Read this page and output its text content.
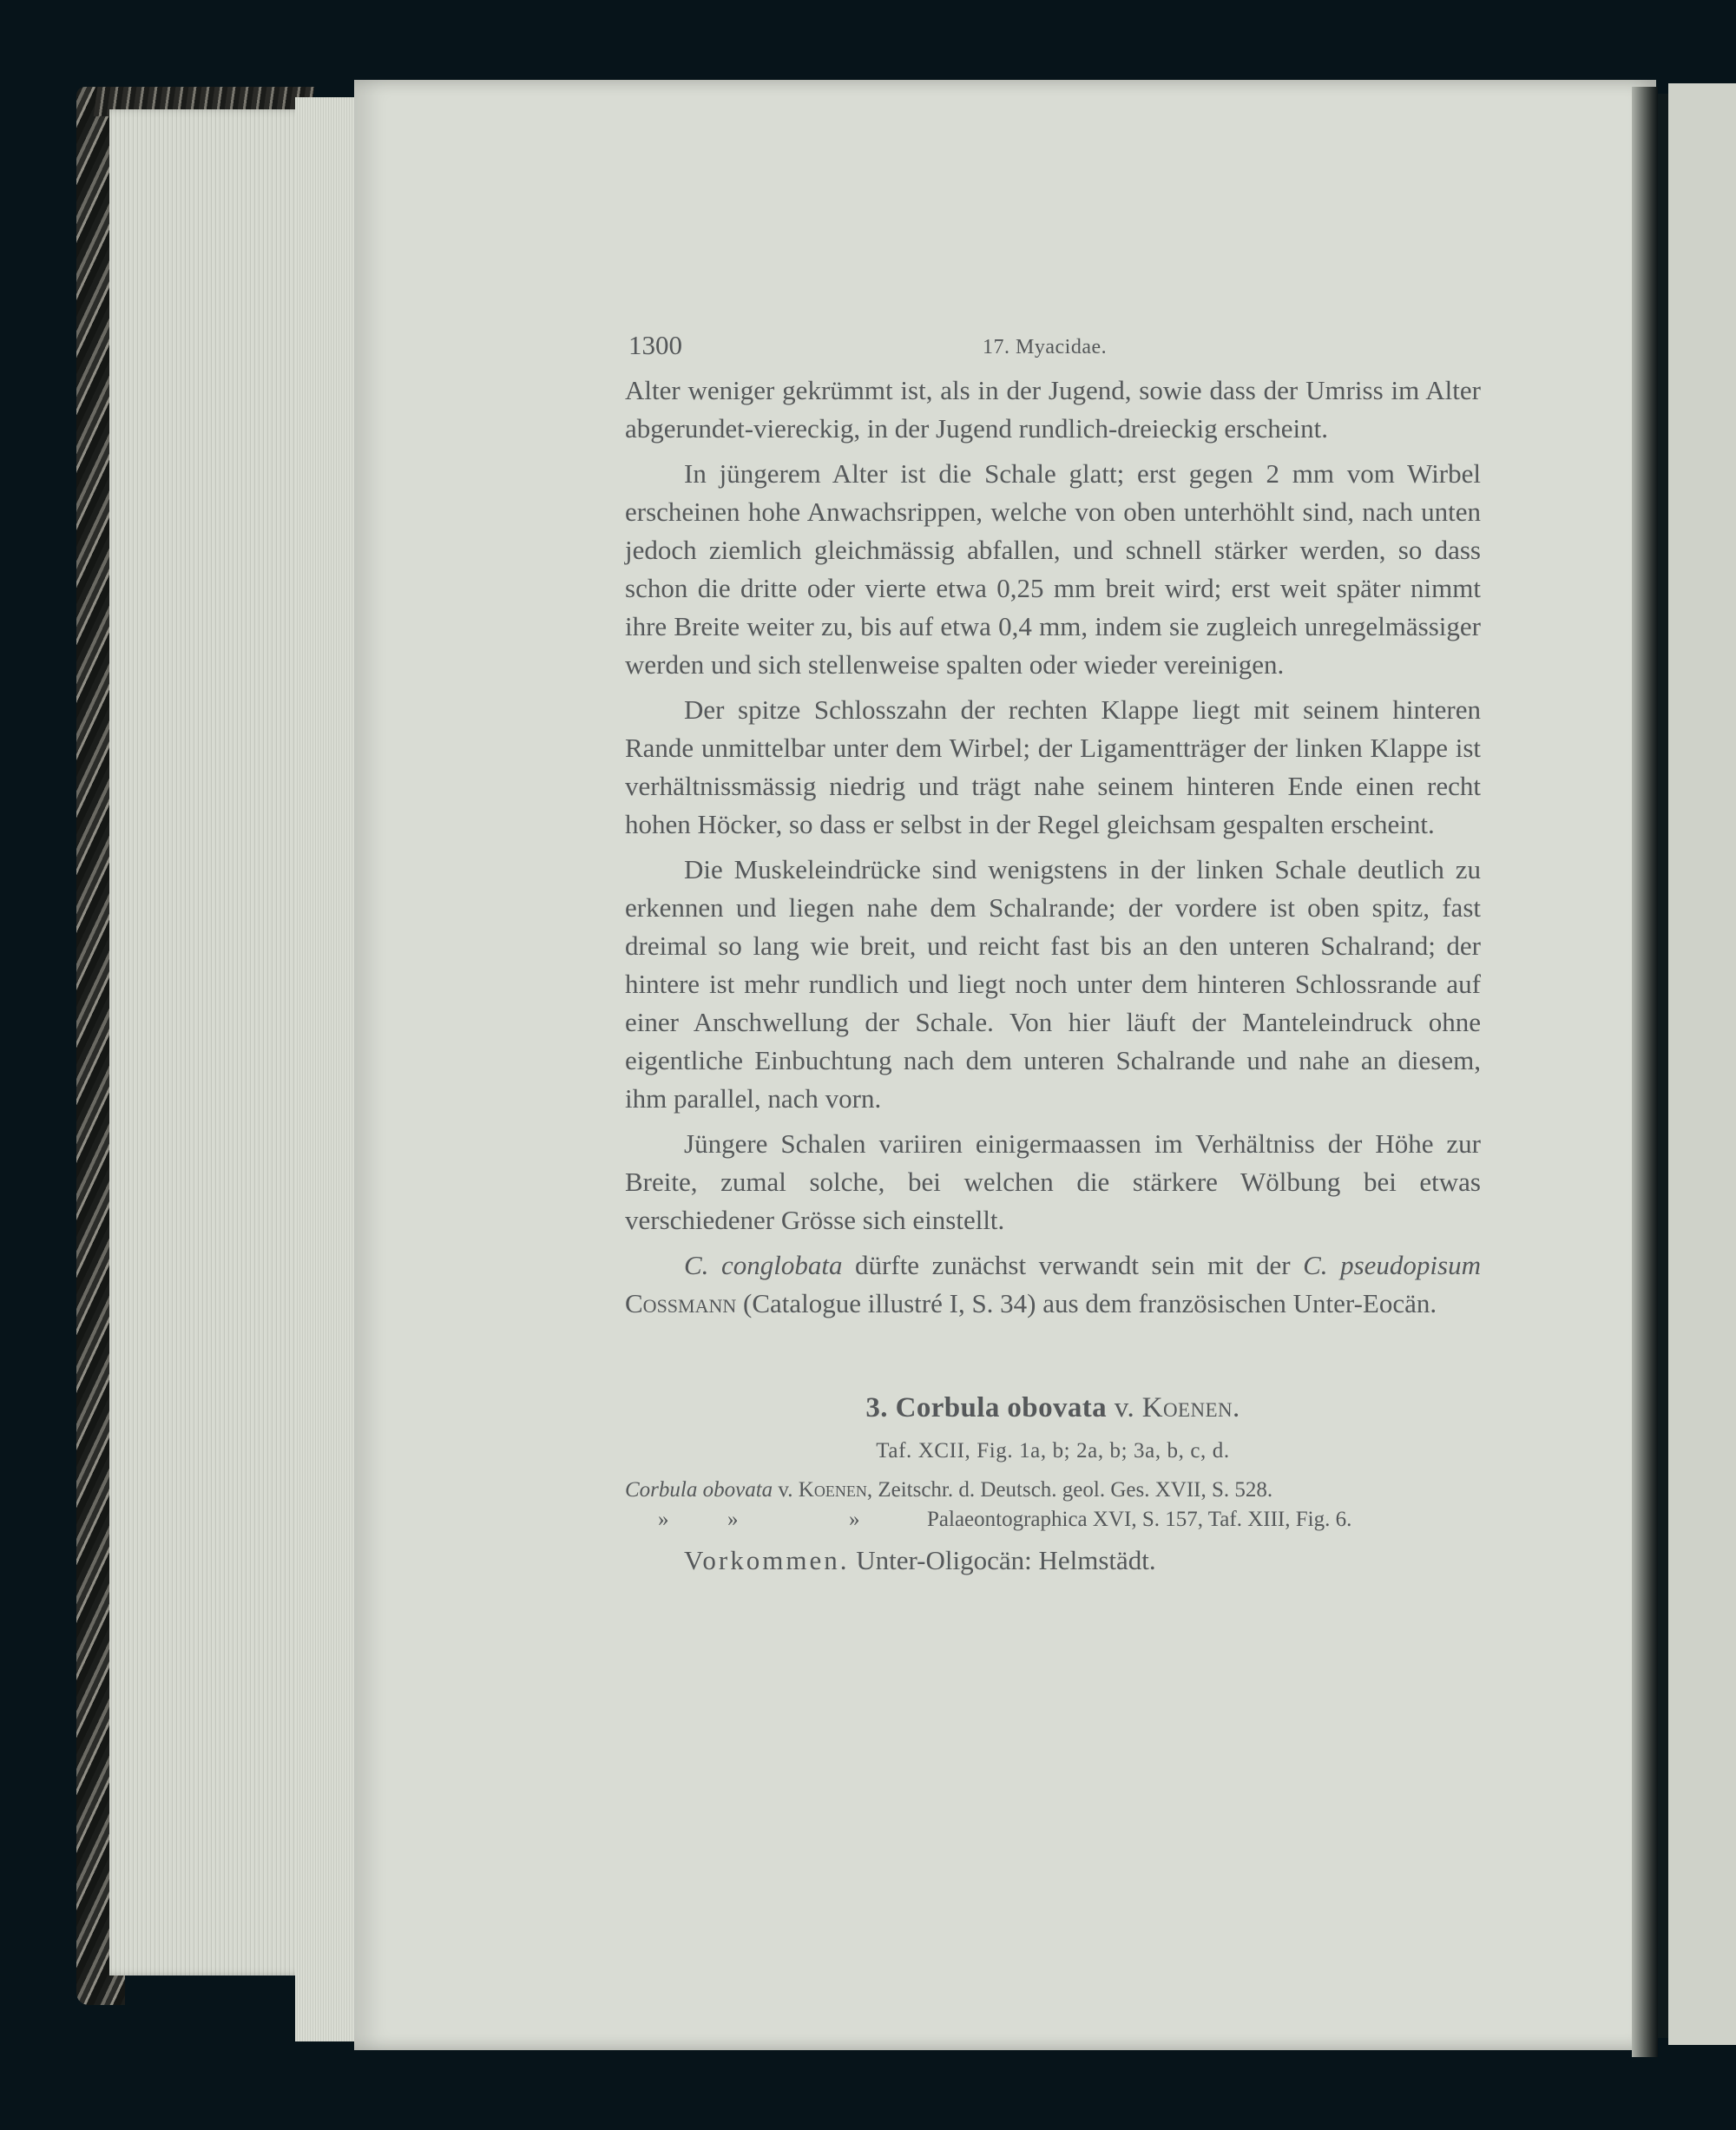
1300	17. Myacidae.

Alter weniger gekrümmt ist, als in der Jugend, sowie dass der Umriss im Alter abgerundet-viereckig, in der Jugend rundlich-dreieckig erscheint.

In jüngerem Alter ist die Schale glatt; erst gegen 2 mm vom Wirbel erscheinen hohe Anwachsrippen, welche von oben unterhöhlt sind, nach unten jedoch ziemlich gleichmässig abfallen, und schnell stärker werden, so dass schon die dritte oder vierte etwa 0,25 mm breit wird; erst weit später nimmt ihre Breite weiter zu, bis auf etwa 0,4 mm, indem sie zugleich unregelmässiger werden und sich stellenweise spalten oder wieder vereinigen.

Der spitze Schlosszahn der rechten Klappe liegt mit seinem hinteren Rande unmittelbar unter dem Wirbel; der Ligamentträger der linken Klappe ist verhältnissmässig niedrig und trägt nahe seinem hinteren Ende einen recht hohen Höcker, so dass er selbst in der Regel gleichsam gespalten erscheint.

Die Muskeleindrücke sind wenigstens in der linken Schale deutlich zu erkennen und liegen nahe dem Schalrande; der vordere ist oben spitz, fast dreimal so lang wie breit, und reicht fast bis an den unteren Schalrand; der hintere ist mehr rundlich und liegt noch unter dem hinteren Schlossrande auf einer Anschwellung der Schale. Von hier läuft der Manteleindruck ohne eigentliche Einbuchtung nach dem unteren Schalrande und nahe an diesem, ihm parallel, nach vorn.

Jüngere Schalen variiren einigermaassen im Verhältniss der Höhe zur Breite, zumal solche, bei welchen die stärkere Wölbung bei etwas verschiedener Grösse sich einstellt.

C. conglobata dürfte zunächst verwandt sein mit der C. pseudopisum Cossmann (Catalogue illustré I, S. 34) aus dem französischen Unter-Eocän.

3. Corbula obovata v. Koenen.
Taf. XCII, Fig. 1a, b; 2a, b; 3a, b, c, d.
Corbula obovata v. Koenen, Zeitschr. d. Deutsch. geol. Ges. XVII, S. 528.
»	»	»	Palaeontographica XVI, S. 157, Taf. XIII, Fig. 6.
Vorkommen. Unter-Oligocän: Helmstädt.
